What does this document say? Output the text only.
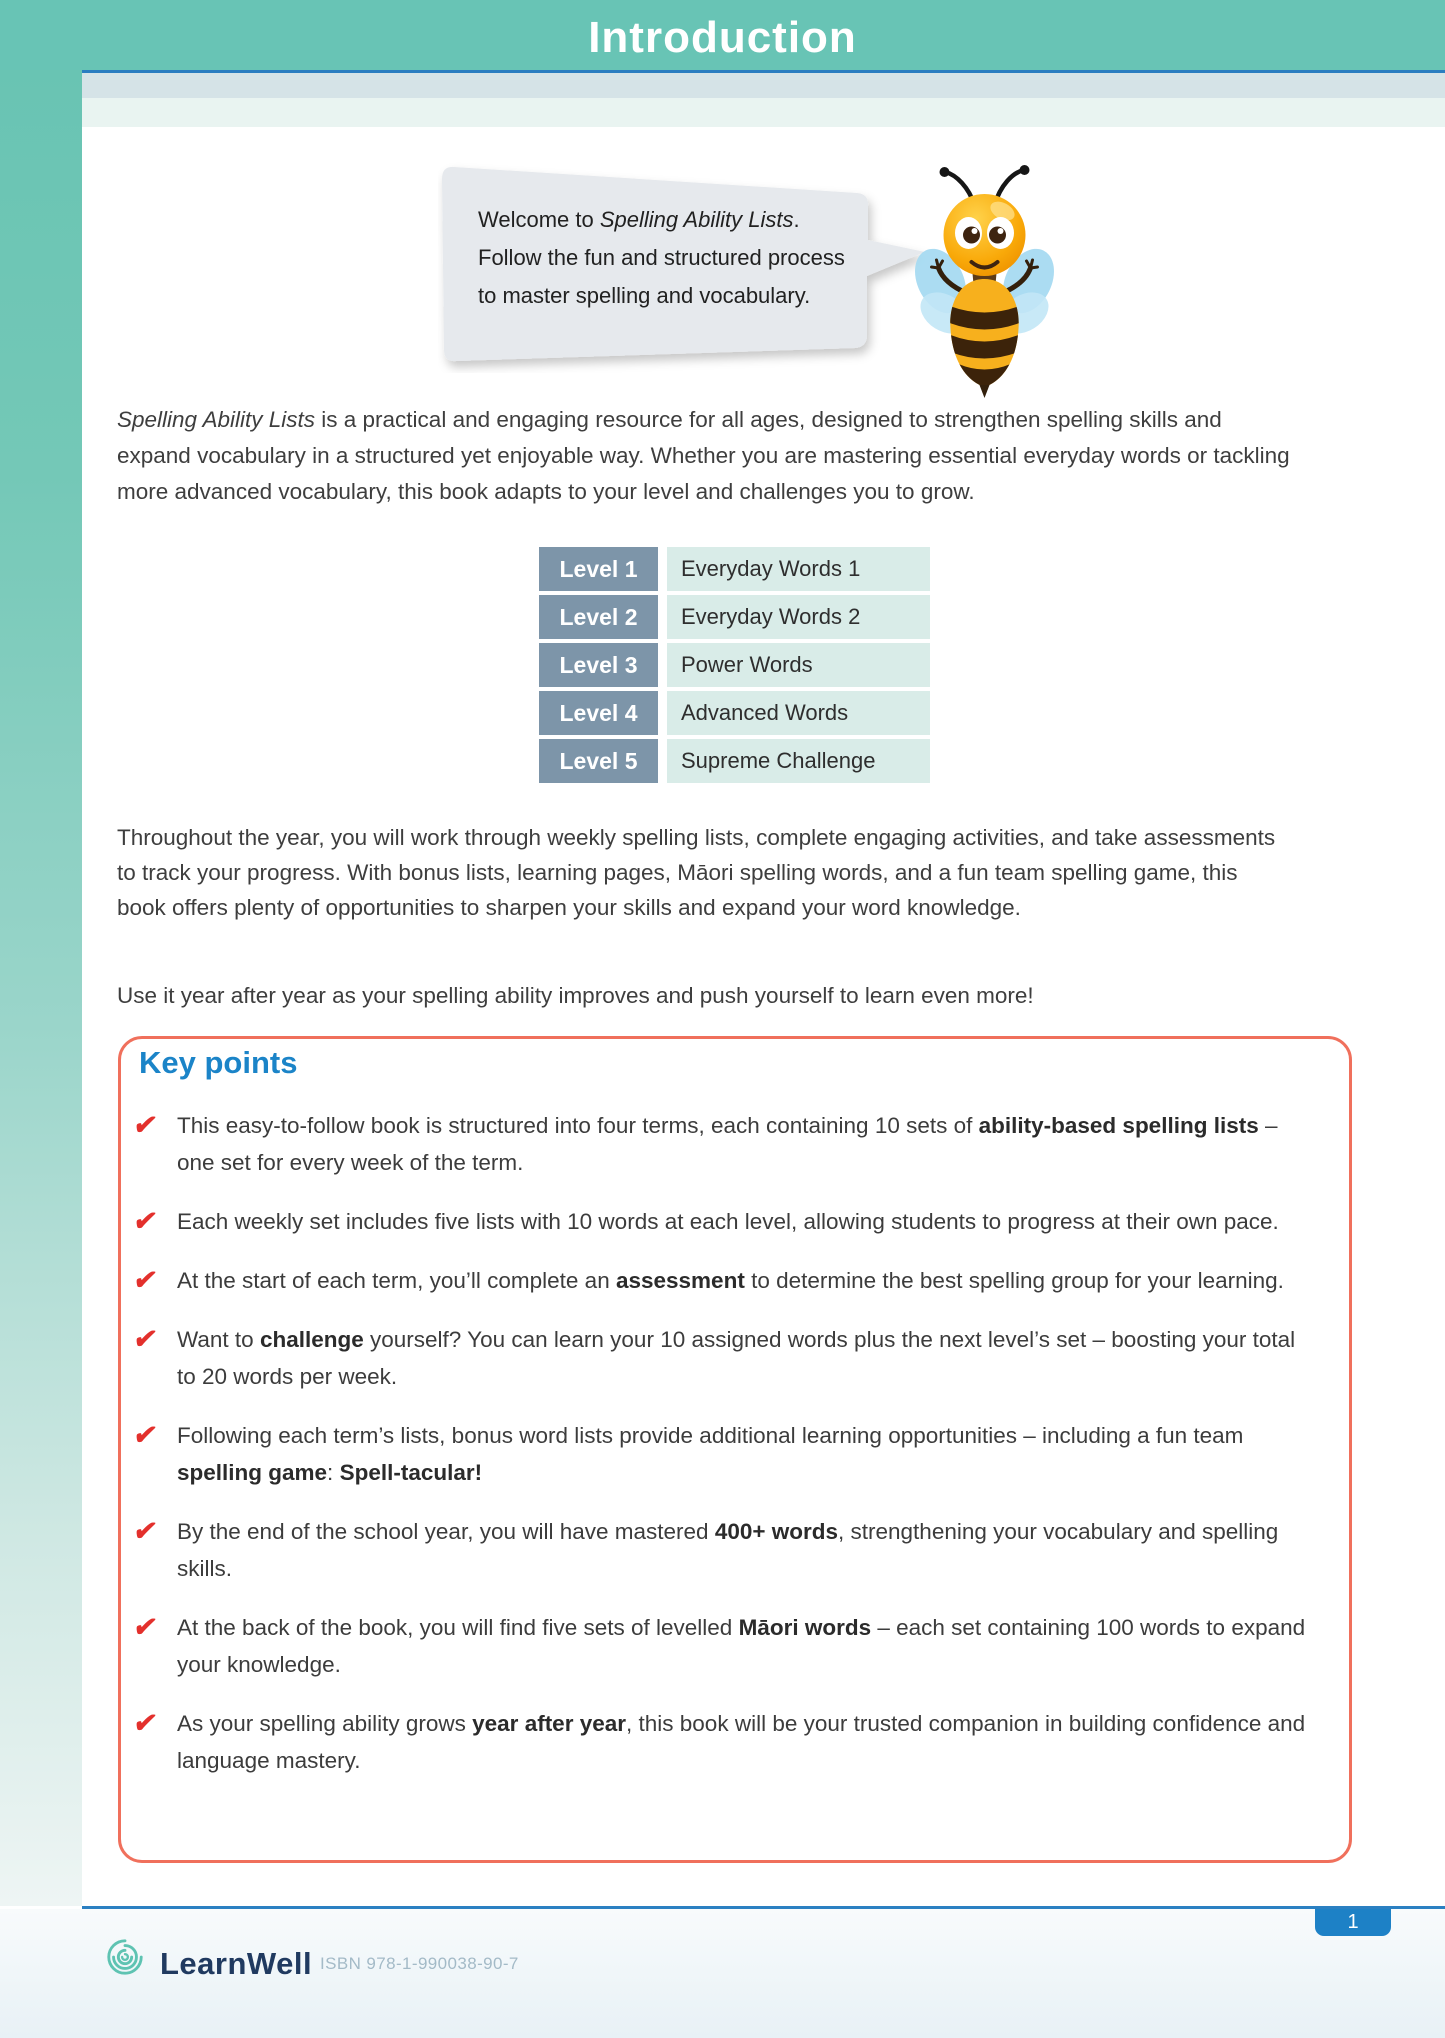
Introduction
Welcome to Spelling Ability Lists. Follow the fun and structured process to master spelling and vocabulary.
Spelling Ability Lists is a practical and engaging resource for all ages, designed to strengthen spelling skills and expand vocabulary in a structured yet enjoyable way. Whether you are mastering essential everyday words or tackling more advanced vocabulary, this book adapts to your level and challenges you to grow.
Level 1	Everyday Words 1
Level 2	Everyday Words 2
Level 3	Power Words
Level 4	Advanced Words
Level 5	Supreme Challenge
Throughout the year, you will work through weekly spelling lists, complete engaging activities, and take assessments to track your progress. With bonus lists, learning pages, Māori spelling words, and a fun team spelling game, this book offers plenty of opportunities to sharpen your skills and expand your word knowledge.
Use it year after year as your spelling ability improves and push yourself to learn even more!
Key points
✔ This easy-to-follow book is structured into four terms, each containing 10 sets of ability-based spelling lists – one set for every week of the term.
✔ Each weekly set includes five lists with 10 words at each level, allowing students to progress at their own pace.
✔ At the start of each term, you’ll complete an assessment to determine the best spelling group for your learning.
✔ Want to challenge yourself? You can learn your 10 assigned words plus the next level’s set – boosting your total to 20 words per week.
✔ Following each term’s lists, bonus word lists provide additional learning opportunities – including a fun team spelling game: Spell-tacular!
✔ By the end of the school year, you will have mastered 400+ words, strengthening your vocabulary and spelling skills.
✔ At the back of the book, you will find five sets of levelled Māori words – each set containing 100 words to expand your knowledge.
✔ As your spelling ability grows year after year, this book will be your trusted companion in building confidence and language mastery.
1
LearnWell ISBN 978-1-990038-90-7
